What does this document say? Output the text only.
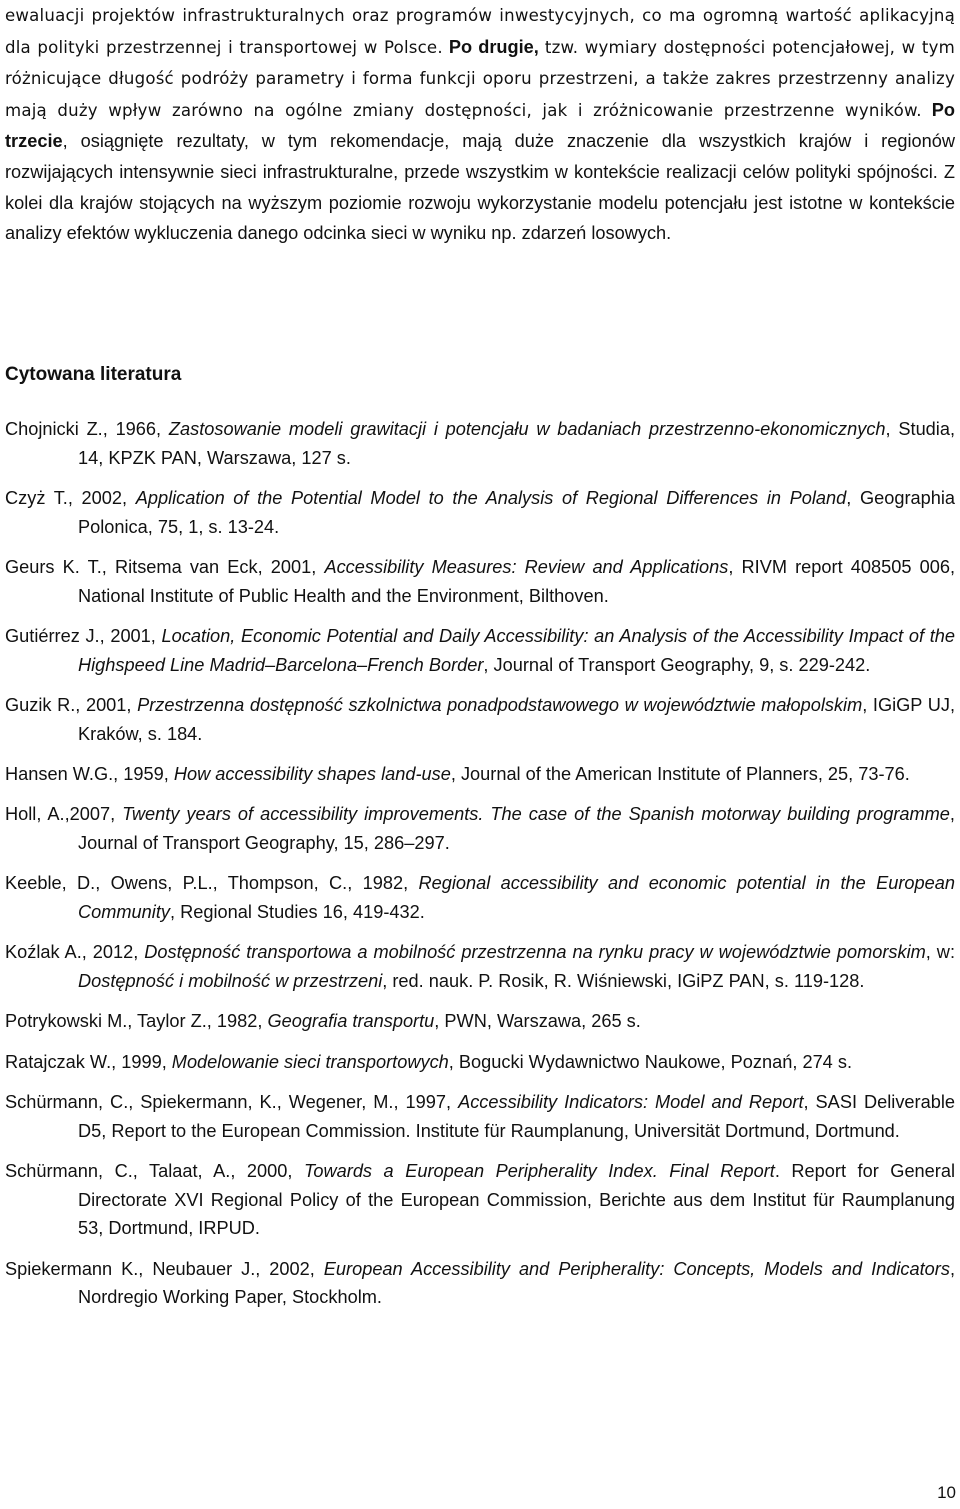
ewaluacji projektów infrastrukturalnych oraz programów inwestycyjnych, co ma ogromną wartość aplikacyjną dla polityki przestrzennej i transportowej w Polsce. Po drugie, tzw. wymiary dostępności potencjałowej, w tym różnicujące długość podróży parametry i forma funkcji oporu przestrzeni, a także zakres przestrzenny analizy mają duży wpływ zarówno na ogólne zmiany dostępności, jak i zróżnicowanie przestrzenne wyników. Po trzecie, osiągnięte rezultaty, w tym rekomendacje, mają duże znaczenie dla wszystkich krajów i regionów rozwijających intensywnie sieci infrastrukturalne, przede wszystkim w kontekście realizacji celów polityki spójności. Z kolei dla krajów stojących na wyższym poziomie rozwoju wykorzystanie modelu potencjału jest istotne w kontekście analizy efektów wykluczenia danego odcinka sieci w wyniku np. zdarzeń losowych.

Cytowana literatura

Chojnicki Z., 1966, Zastosowanie modeli grawitacji i potencjału w badaniach przestrzenno-ekonomicznych, Studia, 14, KPZK PAN, Warszawa, 127 s.

Czyż T., 2002, Application of the Potential Model to the Analysis of Regional Differences in Poland, Geographia Polonica, 75, 1, s. 13-24.

Geurs K. T., Ritsema van Eck, 2001, Accessibility Measures: Review and Applications, RIVM report 408505 006, National Institute of Public Health and the Environment, Bilthoven.

Gutiérrez J., 2001, Location, Economic Potential and Daily Accessibility: an Analysis of the Accessibility Impact of the Highspeed Line Madrid–Barcelona–French Border, Journal of Transport Geography, 9, s. 229-242.

Guzik R., 2001, Przestrzenna dostępność szkolnictwa ponadpodstawowego w województwie małopolskim, IGiGP UJ, Kraków, s. 184.

Hansen W.G., 1959, How accessibility shapes land-use, Journal of the American Institute of Planners, 25, 73-76.

Holl, A.,2007, Twenty years of accessibility improvements. The case of the Spanish motorway building programme, Journal of Transport Geography, 15, 286–297.

Keeble, D., Owens, P.L., Thompson, C., 1982, Regional accessibility and economic potential in the European Community, Regional Studies 16, 419-432.

Koźlak A., 2012, Dostępność transportowa a mobilność przestrzenna na rynku pracy w województwie pomorskim, w: Dostępność i mobilność w przestrzeni, red. nauk. P. Rosik, R. Wiśniewski, IGiPZ PAN, s. 119-128.

Potrykowski M., Taylor Z., 1982, Geografia transportu, PWN, Warszawa, 265 s.

Ratajczak W., 1999, Modelowanie sieci transportowych, Bogucki Wydawnictwo Naukowe, Poznań, 274 s.

Schürmann, C., Spiekermann, K., Wegener, M., 1997, Accessibility Indicators: Model and Report, SASI Deliverable D5, Report to the European Commission. Institute für Raumplanung, Universität Dortmund, Dortmund.

Schürmann, C., Talaat, A., 2000, Towards a European Peripherality Index. Final Report. Report for General Directorate XVI Regional Policy of the European Commission, Berichte aus dem Institut für Raumplanung 53, Dortmund, IRPUD.

Spiekermann K., Neubauer J., 2002, European Accessibility and Peripherality: Concepts, Models and Indicators, Nordregio Working Paper, Stockholm.

10
